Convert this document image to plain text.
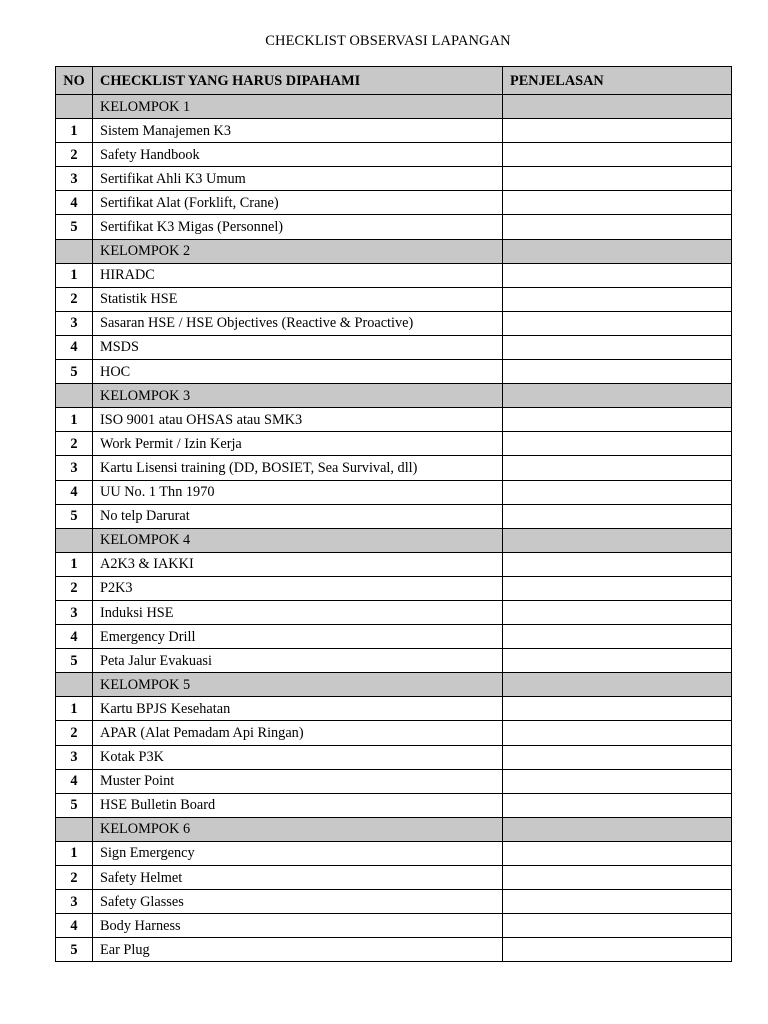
CHECKLIST OBSERVASI LAPANGAN
NO	CHECKLIST YANG HARUS DIPAHAMI	PENJELASAN
	KELOMPOK 1	
1	Sistem Manajemen K3	
2	Safety Handbook	
3	Sertifikat Ahli K3 Umum	
4	Sertifikat Alat (Forklift, Crane)	
5	Sertifikat K3 Migas (Personnel)	
	KELOMPOK 2	
1	HIRADC	
2	Statistik HSE	
3	Sasaran HSE / HSE Objectives (Reactive & Proactive)	
4	MSDS	
5	HOC	
	KELOMPOK 3	
1	ISO 9001 atau OHSAS atau SMK3	
2	Work Permit / Izin Kerja	
3	Kartu Lisensi training (DD, BOSIET, Sea Survival, dll)	
4	UU No. 1 Thn 1970	
5	No telp Darurat	
	KELOMPOK 4	
1	A2K3 & IAKKI	
2	P2K3	
3	Induksi HSE	
4	Emergency Drill	
5	Peta Jalur Evakuasi	
	KELOMPOK 5	
1	Kartu BPJS Kesehatan	
2	APAR (Alat Pemadam Api Ringan)	
3	Kotak P3K	
4	Muster Point	
5	HSE Bulletin Board	
	KELOMPOK 6	
1	Sign Emergency	
2	Safety Helmet	
3	Safety Glasses	
4	Body Harness	
5	Ear Plug	
